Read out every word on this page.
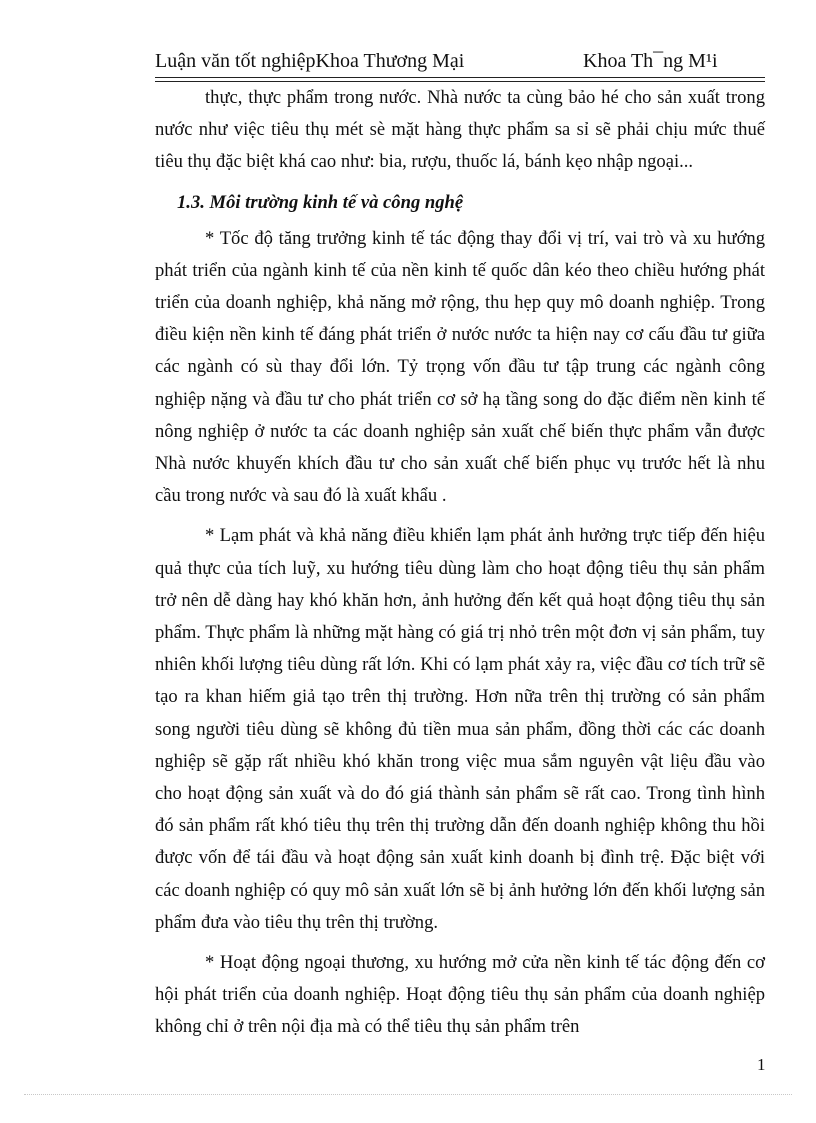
Luận văn tốt nghiệpKhoa Thương Mại	Khoa Th¯ng M¹i

thực, thực phẩm trong nước. Nhà nước ta cùng bảo hé cho sản xuất trong nước như việc tiêu thụ mét sè mặt hàng thực phẩm sa sỉ sẽ phải chịu mức thuế tiêu thụ đặc biệt khá cao như: bia, rượu, thuốc lá, bánh kẹo nhập ngoại...

1.3. Môi trường kinh tế và công nghệ

* Tốc độ tăng trưởng kinh tế tác động thay đổi vị trí, vai trò và xu hướng phát triển của ngành kinh tế của nền kinh tế quốc dân kéo theo chiều hướng phát triển của doanh nghiệp, khả năng mở rộng, thu hẹp quy mô doanh nghiệp. Trong điều kiện nền kinh tế đáng phát triển ở nước nước ta hiện nay cơ cấu đầu tư giữa các ngành có sù thay đổi lớn. Tỷ trọng vốn đầu tư tập trung các ngành công nghiệp nặng và đầu tư cho phát triển cơ sở hạ tầng song do đặc điểm nền kinh tế nông nghiệp ở nước ta các doanh nghiệp sản xuất chế biến thực phẩm vẫn được Nhà nước khuyến khích đầu tư cho sản xuất chế biến phục vụ trước hết là nhu cầu trong nước và sau đó là xuất khẩu .

* Lạm phát và khả năng điều khiển lạm phát ảnh hưởng trực tiếp đến hiệu quả thực của tích luỹ, xu hướng tiêu dùng làm cho hoạt động tiêu thụ sản phẩm trở nên dễ dàng hay khó khăn hơn, ảnh hưởng đến kết quả hoạt động tiêu thụ sản phẩm. Thực phẩm là những mặt hàng có giá trị nhỏ trên một đơn vị sản phẩm, tuy nhiên khối lượng tiêu dùng rất lớn. Khi có lạm phát xảy ra, việc đầu cơ tích trữ sẽ tạo ra khan hiếm giả tạo trên thị trường. Hơn nữa trên thị trường có sản phẩm song người tiêu dùng sẽ không đủ tiền mua sản phẩm, đồng thời các các doanh nghiệp sẽ gặp rất nhiều khó khăn trong việc mua sắm nguyên vật liệu đầu vào cho hoạt động sản xuất và do đó giá thành sản phẩm sẽ rất cao. Trong tình hình đó sản phẩm rất khó tiêu thụ trên thị trường dẫn đến doanh nghiệp không thu hồi được vốn để tái đầu và hoạt động sản xuất kinh doanh bị đình trệ. Đặc biệt với các doanh nghiệp có quy mô sản xuất lớn sẽ bị ảnh hưởng lớn đến khối lượng sản phẩm đưa vào tiêu thụ trên thị trường.

* Hoạt động ngoại thương, xu hướng mở cửa nền kinh tế tác động đến cơ hội phát triển của doanh nghiệp. Hoạt động tiêu thụ sản phẩm của doanh nghiệp không chỉ ở trên nội địa mà có thể tiêu thụ sản phẩm trên

1
